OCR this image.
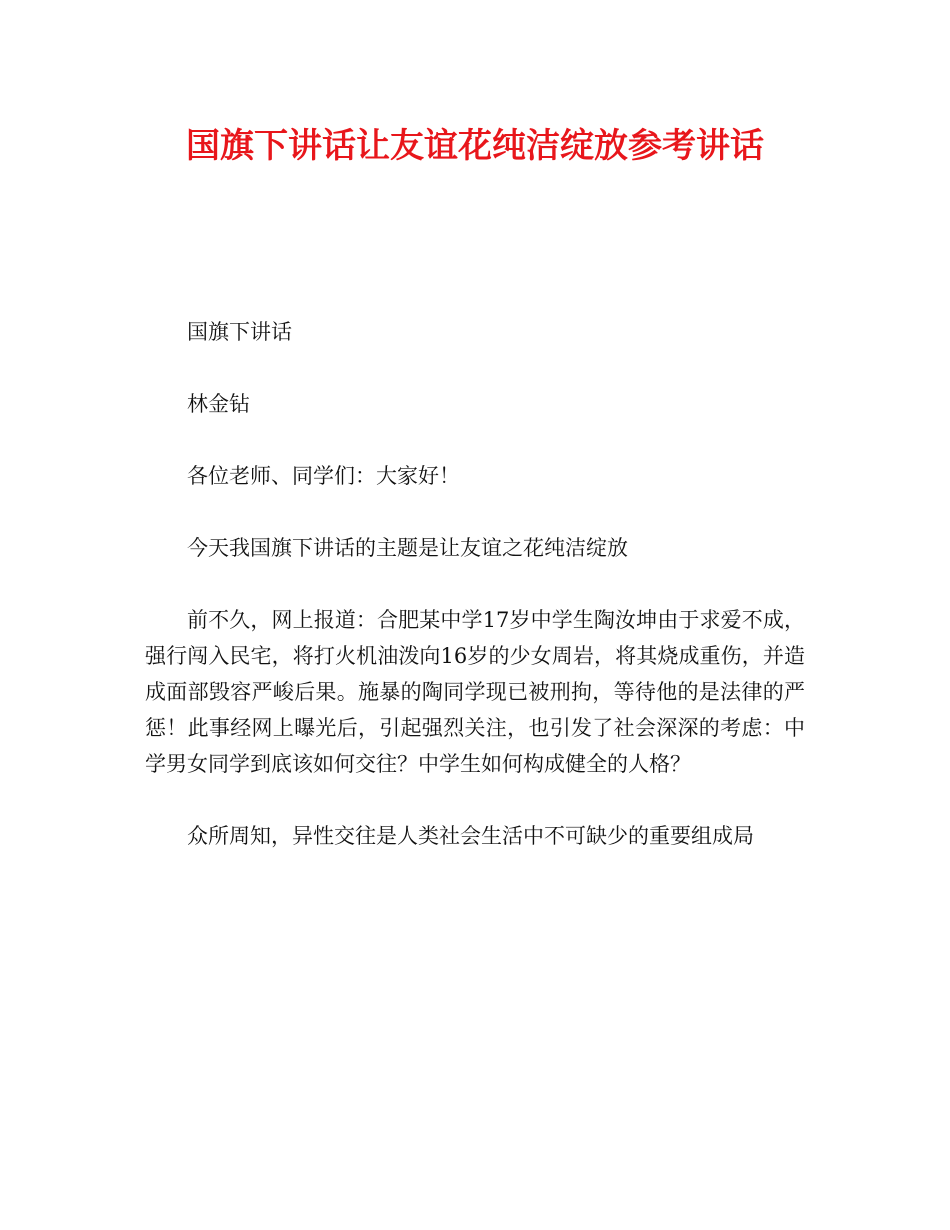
国旗下讲话让友谊花纯洁绽放参考讲话

国旗下讲话

林金钻

各位老师、同学们：大家好！

今天我国旗下讲话的主题是让友谊之花纯洁绽放

前不久，网上报道：合肥某中学17岁中学生陶汝坤由于求爱不成，强行闯入民宅，将打火机油泼向16岁的少女周岩，将其烧成重伤，并造成面部毁容严峻后果。施暴的陶同学现已被刑拘，等待他的是法律的严惩！此事经网上曝光后，引起强烈关注，也引发了社会深深的考虑：中学男女同学到底该如何交往？中学生如何构成健全的人格？

众所周知，异性交往是人类社会生活中不可缺少的重要组成局
